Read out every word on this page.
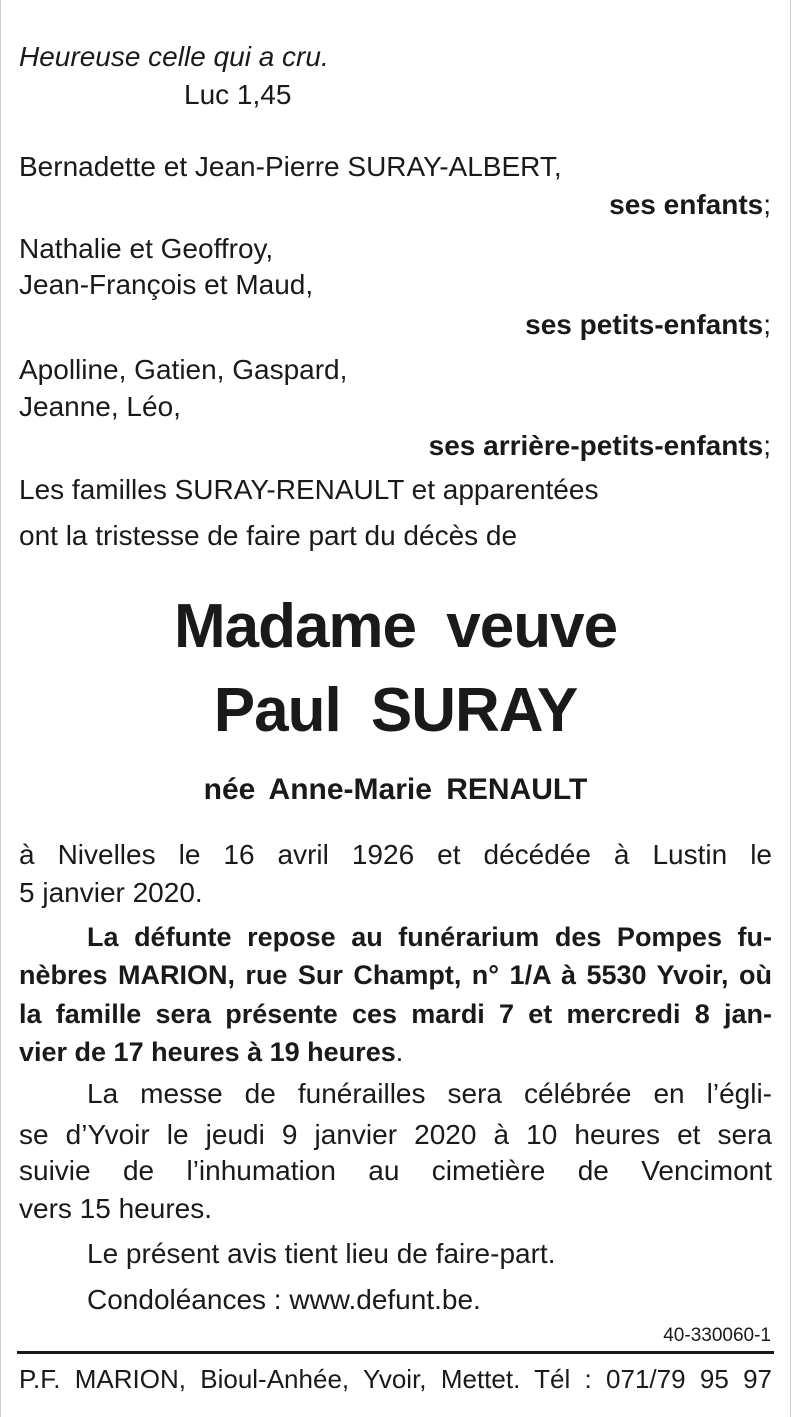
Heureuse celle qui a cru.
Luc 1,45
Bernadette et Jean-Pierre SURAY-ALBERT,
ses enfants;
Nathalie et Geoffroy,
Jean-François et Maud,
ses petits-enfants;
Apolline, Gatien, Gaspard,
Jeanne, Léo,
ses arrière-petits-enfants;
Les familles SURAY-RENAULT et apparentées
ont la tristesse de faire part du décès de
Madame veuve
Paul SURAY
née Anne-Marie RENAULT
à Nivelles le 16 avril 1926 et décédée à Lustin le
5 janvier 2020.
La défunte repose au funérarium des Pompes fu-
nèbres MARION, rue Sur Champt, n° 1/A à 5530 Yvoir, où
la famille sera présente ces mardi 7 et mercredi 8 jan-
vier de 17 heures à 19 heures.
La messe de funérailles sera célébrée en l’égli-
se d’Yvoir le jeudi 9 janvier 2020 à 10 heures et sera
suivie de l’inhumation au cimetière de Vencimont
vers 15 heures.
Le présent avis tient lieu de faire-part.
Condoléances : www.defunt.be.
40-330060-1
P.F. MARION, Bioul-Anhée, Yvoir, Mettet. Tél : 071/79 95 97
